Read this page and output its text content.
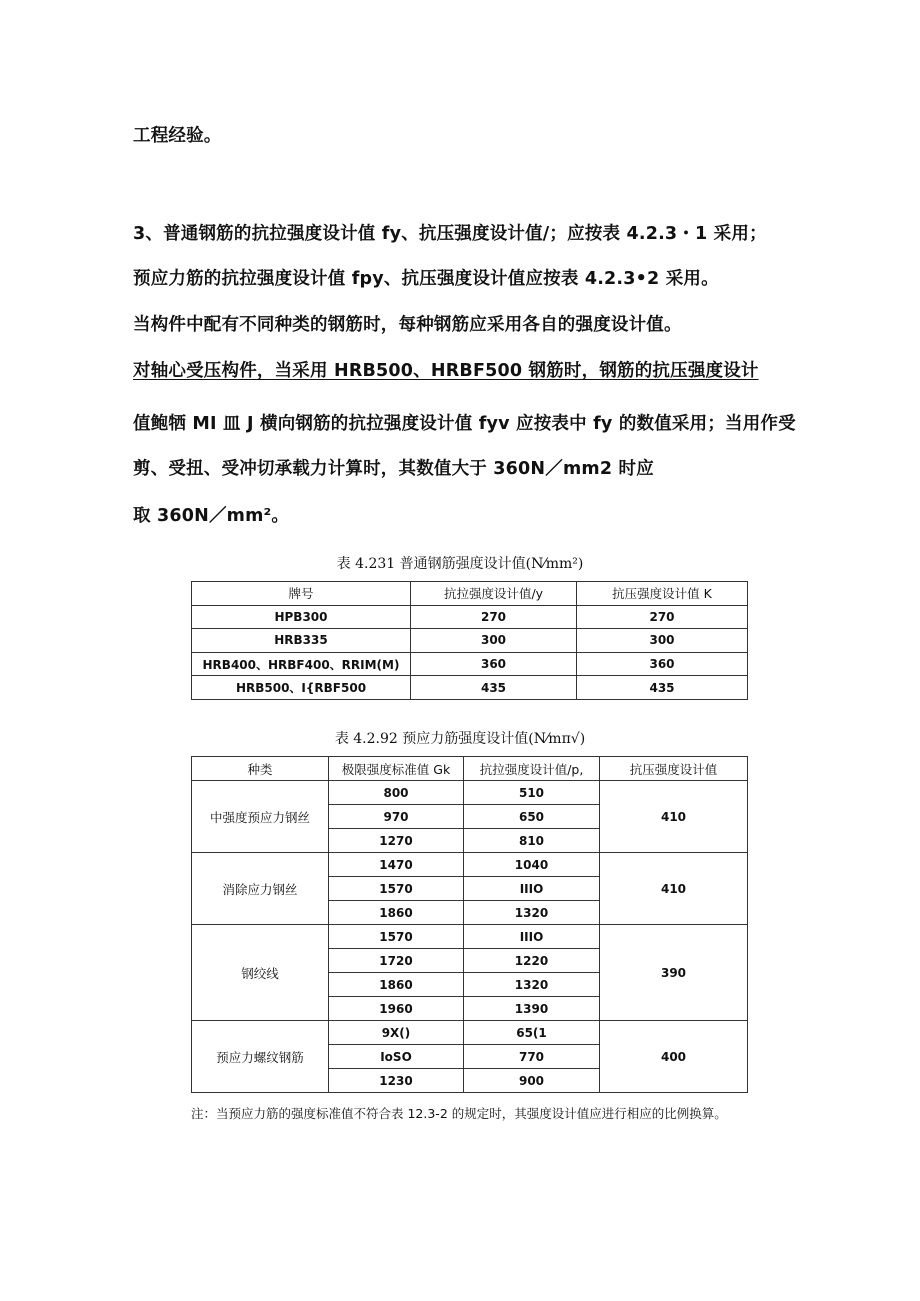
工程经验。

3、普通钢筋的抗拉强度设计值 fy、抗压强度设计值/；应按表 4.2.3・1 采用；

预应力筋的抗拉强度设计值 fpy、抗压强度设计值应按表 4.2.3•2 采用。

当构件中配有不同种类的钢筋时，每种钢筋应采用各自的强度设计值。

对轴心受压构件，当采用 HRB500、HRBF500 钢筋时，钢筋的抗压强度设计

值鲍牺 MI 皿 J 横向钢筋的抗拉强度设计值 fyv 应按表中 fy 的数值采用；当用作受

剪、受扭、受冲切承载力计算时，其数值大于 360N／mm2 时应

取 360N／mm²。

表 4.231 普通钢筋强度设计值(N⁄mm²)

牌号	抗拉强度设计值/y	抗压强度设计值 K
HPB300	270	270
HRB335	300	300
HRB400、HRBF400、RRIM(M)	360	360
HRB500、I{RBF500	435	435

表 4.2.92 预应力筋强度设计值(N⁄mπ√)

种类	极限强度标准值 Gk	抗拉强度设计值/p,	抗压强度设计值
中强度预应力钢丝	800	510	410
	970	650	
	1270	810	
消除应力钢丝	1470	1040	410
	1570	IIIO	
	1860	1320	
钢绞线	1570	IIIO	390
	1720	1220	
	1860	1320	
	1960	1390	
预应力螺纹钢筋	9X()	65(1	400
	IoSO	770	
	1230	900	

注：当预应力筋的强度标准值不符合表 12.3-2 的规定时，其强度设计值应进行相应的比例换算。
